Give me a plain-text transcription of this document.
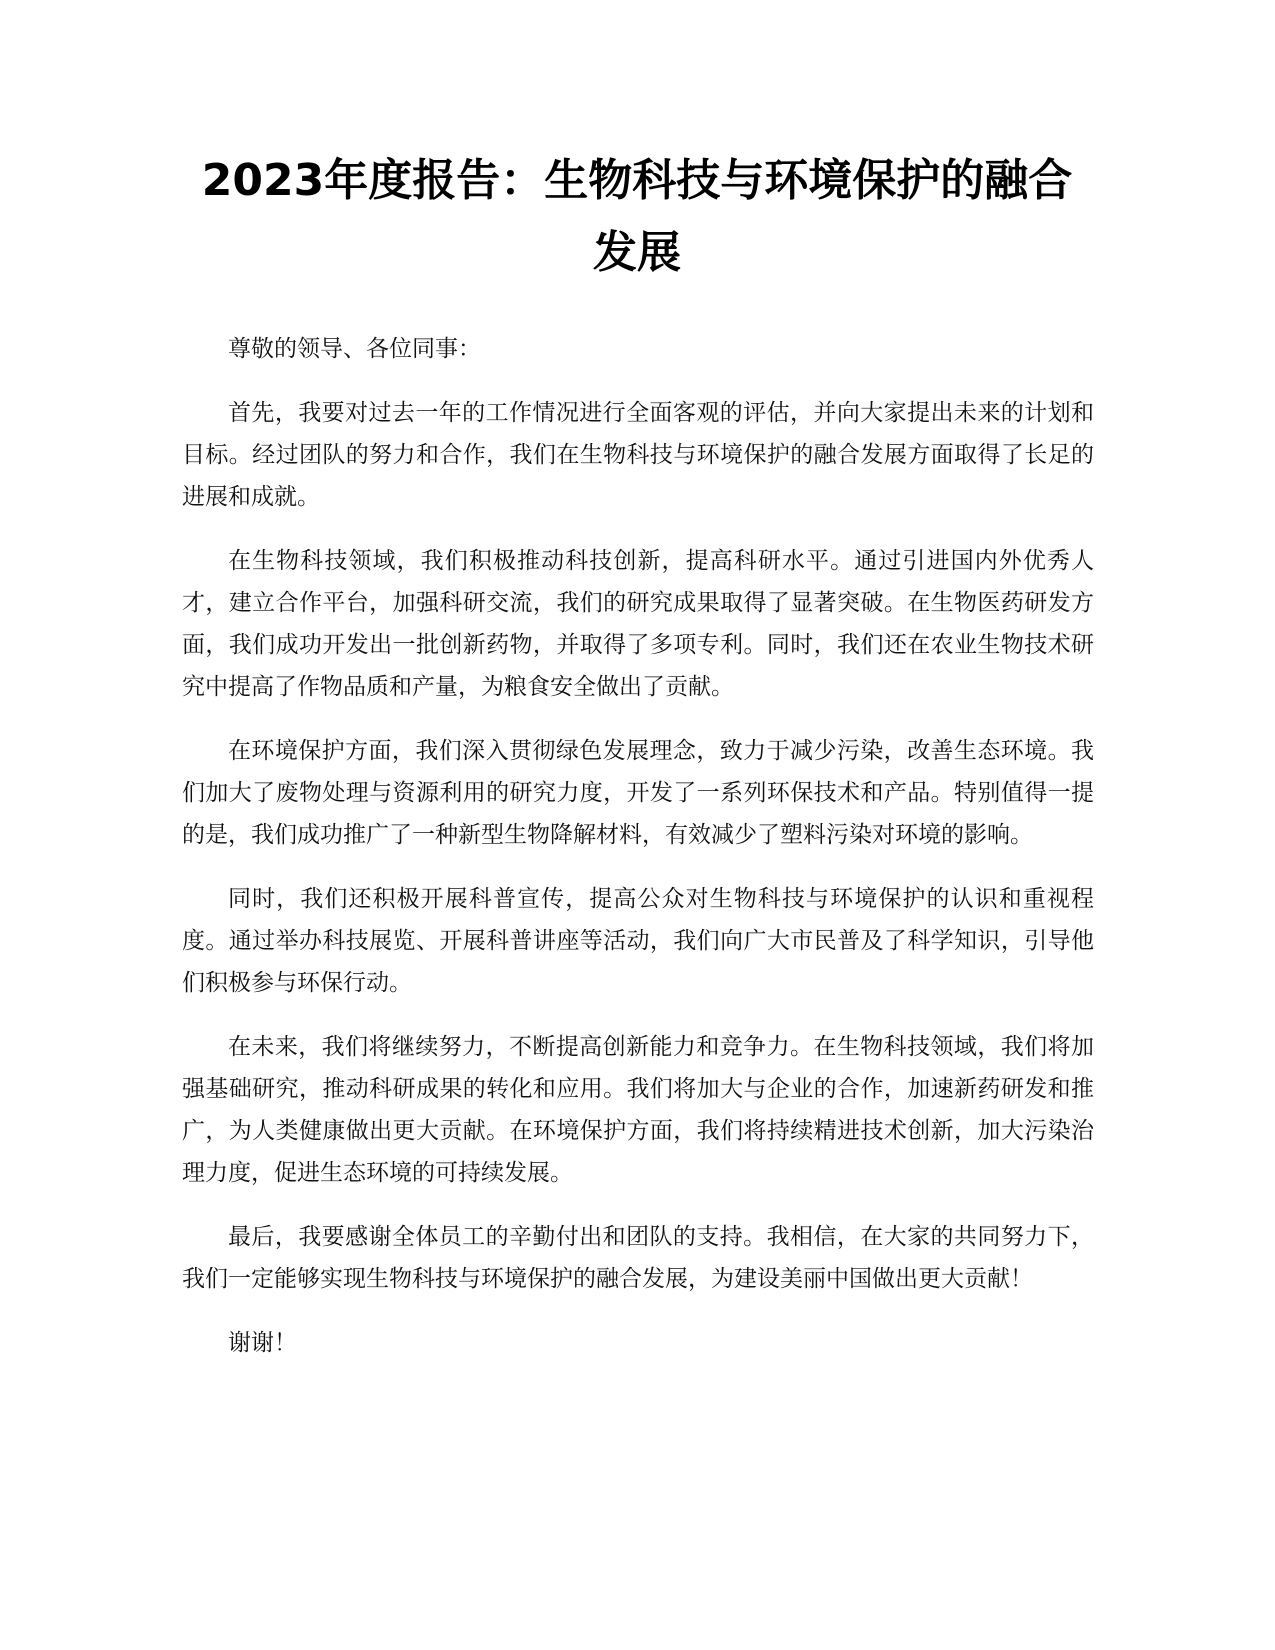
2023年度报告：生物科技与环境保护的融合发展

尊敬的领导、各位同事：

首先，我要对过去一年的工作情况进行全面客观的评估，并向大家提出未来的计划和目标。经过团队的努力和合作，我们在生物科技与环境保护的融合发展方面取得了长足的进展和成就。

在生物科技领域，我们积极推动科技创新，提高科研水平。通过引进国内外优秀人才，建立合作平台，加强科研交流，我们的研究成果取得了显著突破。在生物医药研发方面，我们成功开发出一批创新药物，并取得了多项专利。同时，我们还在农业生物技术研究中提高了作物品质和产量，为粮食安全做出了贡献。

在环境保护方面，我们深入贯彻绿色发展理念，致力于减少污染，改善生态环境。我们加大了废物处理与资源利用的研究力度，开发了一系列环保技术和产品。特别值得一提的是，我们成功推广了一种新型生物降解材料，有效减少了塑料污染对环境的影响。

同时，我们还积极开展科普宣传，提高公众对生物科技与环境保护的认识和重视程度。通过举办科技展览、开展科普讲座等活动，我们向广大市民普及了科学知识，引导他们积极参与环保行动。

在未来，我们将继续努力，不断提高创新能力和竞争力。在生物科技领域，我们将加强基础研究，推动科研成果的转化和应用。我们将加大与企业的合作，加速新药研发和推广，为人类健康做出更大贡献。在环境保护方面，我们将持续精进技术创新，加大污染治理力度，促进生态环境的可持续发展。

最后，我要感谢全体员工的辛勤付出和团队的支持。我相信，在大家的共同努力下，我们一定能够实现生物科技与环境保护的融合发展，为建设美丽中国做出更大贡献！

谢谢！
